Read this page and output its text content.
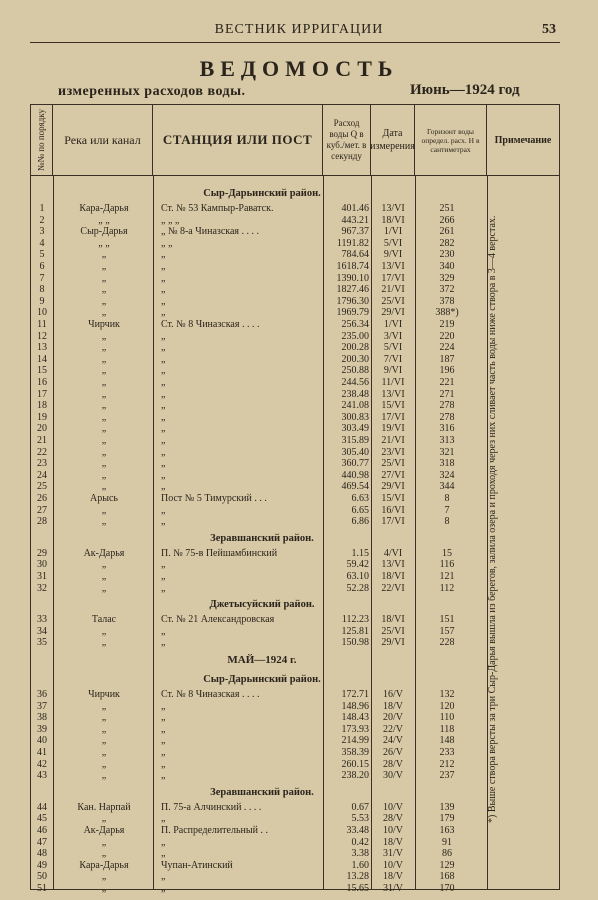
ВЕСТНИК ИРРИГАЦИИ	53
ВЕДОМОСТЬ
измеренных расходов воды.	Июнь—1924 год
№№ по порядку	Река или канал	СТАНЦИЯ ИЛИ ПОСТ
Расход воды Q в куб./мет. в секунду
Дата измерения
Горизонт воды определ. расх. H в сантиметрах
Примечание
Сыр-Дарьинский район.
1	Кара-Дарья	Ст. № 53 Кампыр-Раватск.	401.46	13/VI	251
2	„ „	„ „ „	443.21	18/VI	266
3	Сыр-Дарья	„ № 8-а Чиназская . . . .	967.37	1/VI	261
4	„ „	„ „	1191.82	5/VI	282
5	„	„	784.64	9/VI	230
6	„	„	1618.74	13/VI	340
7	„	„	1390.10	17/VI	329
8	„	„	1827.46	21/VI	372
9	„	„	1796.30	25/VI	378
10	„	„	1969.79	29/VI	388*)
11	Чирчик	Ст. № 8 Чиназская . . . .	256.34	1/VI	219
12	„	„	235.00	3/VI	220
13	„	„	200.28	5/VI	224
14	„	„	200.30	7/VI	187
15	„	„	250.88	9/VI	196
16	„	„	244.56	11/VI	221
17	„	„	238.48	13/VI	271
18	„	„	241.08	15/VI	278
19	„	„	300.83	17/VI	278
20	„	„	303.49	19/VI	316
21	„	„	315.89	21/VI	313
22	„	„	305.40	23/VI	321
23	„	„	360.77	25/VI	318
24	„	„	440.98	27/VI	324
25	„	„	469.54	29/VI	344
26	Арысь	Пост № 5 Тимурский . . .	6.63	15/VI	8
27	„	„	6.65	16/VI	7
28	„	„	6.86	17/VI	8
Зеравшанский район.
29	Ак-Дарья	П. № 75-в Пейшамбинский	1.15	4/VI	15
30	„	„	59.42	13/VI	116
31	„	„	63.10	18/VI	121
32	„	„	52.28	22/VI	112
Джетысуйский район.
33	Талас	Ст. № 21 Александровская	112.23	18/VI	151
34	„	„	125.81	25/VI	157
35	„	„	150.98	29/VI	228
МАЙ—1924 г.
Сыр-Дарьинский район.
36	Чирчик	Ст. № 8 Чиназская . . . .	172.71	16/V	132
37	„	„	148.96	18/V	120
38	„	„	148.43	20/V	110
39	„	„	173.93	22/V	118
40	„	„	214.99	24/V	148
41	„	„	358.39	26/V	233
42	„	„	260.15	28/V	212
43	„	„	238.20	30/V	237
Зеравшанский район.
44	Кан. Нарпай	П. 75-а Алчинский . . . .	0.67	10/V	139
45	„	„	5.53	28/V	179
46	Ак-Дарья	П. Распределительный . .	33.48	10/V	163
47	„	„	0.42	18/V	91
48	„	„	3.38	31/V	86
49	Кара-Дарья	Чупан-Атинский	1.60	10/V	129
50	„	„	13.28	18/V	168
51	„	„	15.65	31/V	170
*) Выше створа версты за три Сыр-Дарья вышла из берегов, залила озера и проходя через них сливает часть воды ниже створа в 3—4 верстах.
